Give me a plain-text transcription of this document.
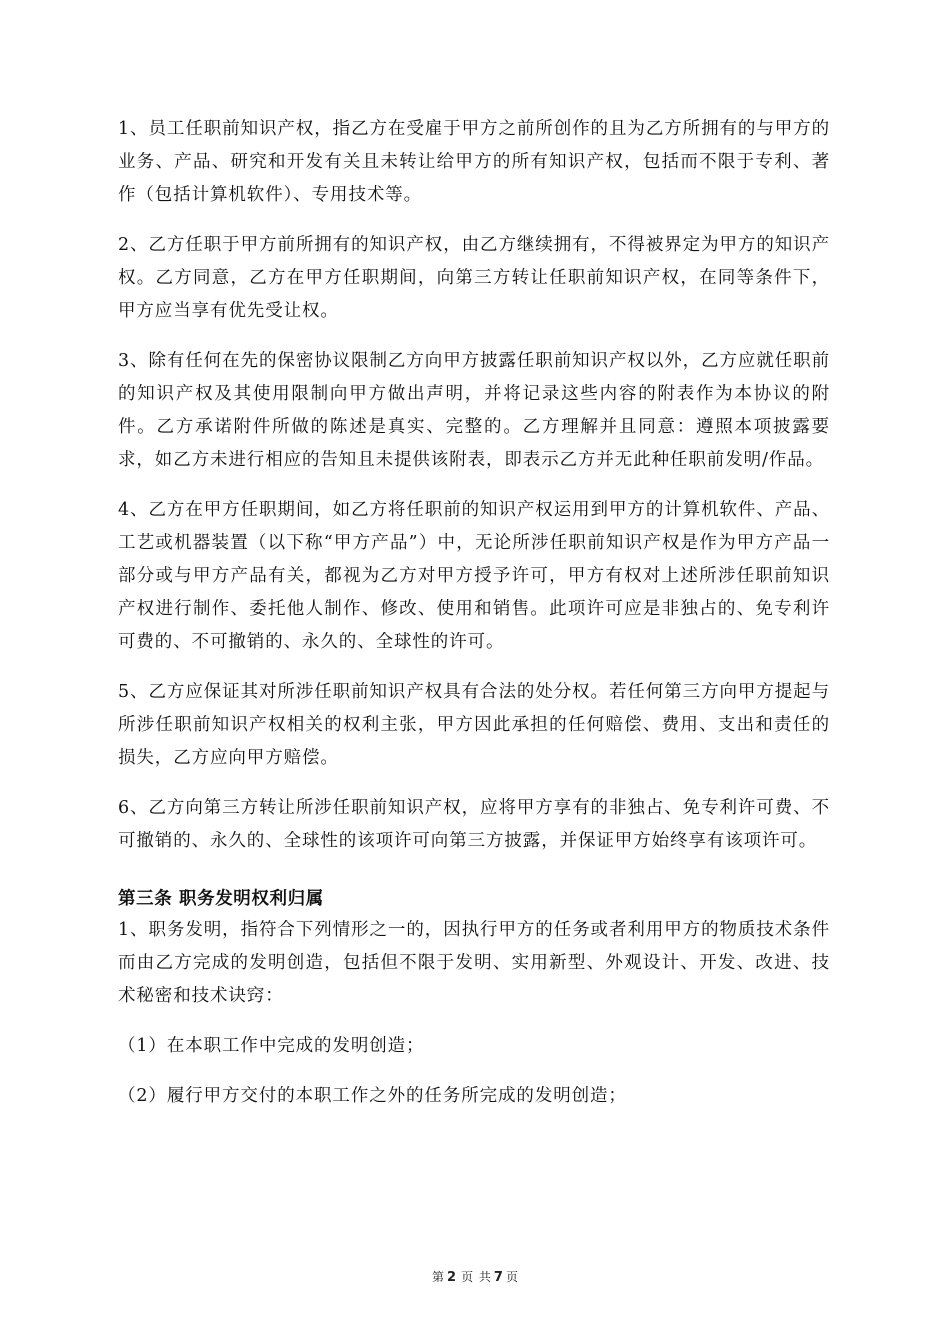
1、员工任职前知识产权，指乙方在受雇于甲方之前所创作的且为乙方所拥有的与甲方的业务、产品、研究和开发有关且未转让给甲方的所有知识产权，包括而不限于专利、著作（包括计算机软件）、专用技术等。

2、乙方任职于甲方前所拥有的知识产权，由乙方继续拥有，不得被界定为甲方的知识产权。乙方同意，乙方在甲方任职期间，向第三方转让任职前知识产权，在同等条件下，甲方应当享有优先受让权。

3、除有任何在先的保密协议限制乙方向甲方披露任职前知识产权以外，乙方应就任职前的知识产权及其使用限制向甲方做出声明，并将记录这些内容的附表作为本协议的附件。乙方承诺附件所做的陈述是真实、完整的。乙方理解并且同意：遵照本项披露要求，如乙方未进行相应的告知且未提供该附表，即表示乙方并无此种任职前发明/作品。

4、乙方在甲方任职期间，如乙方将任职前的知识产权运用到甲方的计算机软件、产品、工艺或机器装置（以下称“甲方产品”）中，无论所涉任职前知识产权是作为甲方产品一部分或与甲方产品有关，都视为乙方对甲方授予许可，甲方有权对上述所涉任职前知识产权进行制作、委托他人制作、修改、使用和销售。此项许可应是非独占的、免专利许可费的、不可撤销的、永久的、全球性的许可。

5、乙方应保证其对所涉任职前知识产权具有合法的处分权。若任何第三方向甲方提起与所涉任职前知识产权相关的权利主张，甲方因此承担的任何赔偿、费用、支出和责任的损失，乙方应向甲方赔偿。

6、乙方向第三方转让所涉任职前知识产权，应将甲方享有的非独占、免专利许可费、不可撤销的、永久的、全球性的该项许可向第三方披露，并保证甲方始终享有该项许可。

第三条 职务发明权利归属

1、职务发明，指符合下列情形之一的，因执行甲方的任务或者利用甲方的物质技术条件而由乙方完成的发明创造，包括但不限于发明、实用新型、外观设计、开发、改进、技术秘密和技术诀窍：

（1）在本职工作中完成的发明创造；

（2）履行甲方交付的本职工作之外的任务所完成的发明创造；

第 2 页 共 7 页
